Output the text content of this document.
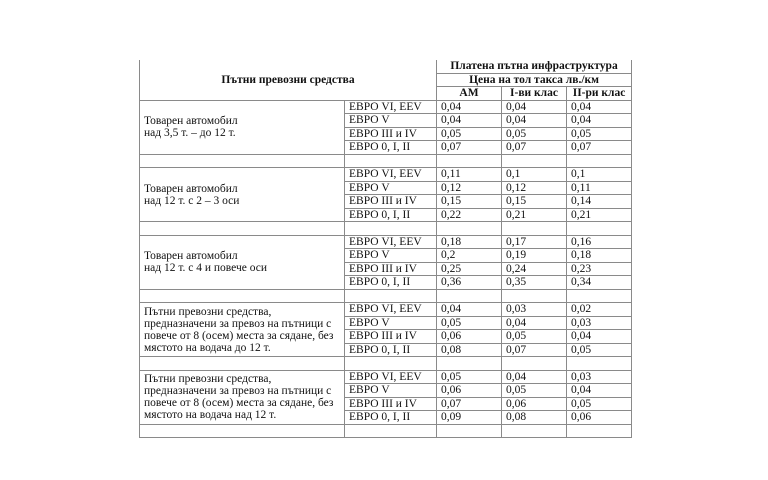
Пътни превозни средства		Платена пътна инфраструктура		
		Цена на тол такса лв./км		
		АМ	I-ви клас	II-ри клас

Товарен автомобил
над 3,5 т. – до 12 т.	ЕВРО VI, EEV	0,04	0,04	0,04
	ЕВРО V	0,04	0,04	0,04
	ЕВРО III и IV	0,05	0,05	0,05
	ЕВРО 0, I, II	0,07	0,07	0,07

Товарен автомобил
над 12 т. с 2 – 3 оси	ЕВРО VI, EEV	0,11	0,1	0,1
	ЕВРО V	0,12	0,12	0,11
	ЕВРО III и IV	0,15	0,15	0,14
	ЕВРО 0, I, II	0,22	0,21	0,21

Товарен автомобил
над 12 т. с 4 и повече оси	ЕВРО VI, EEV	0,18	0,17	0,16
	ЕВРО V	0,2	0,19	0,18
	ЕВРО III и IV	0,25	0,24	0,23
	ЕВРО 0, I, II	0,36	0,35	0,34

Пътни превозни средства,
предназначени за превоз на пътници с
повече от 8 (осем) места за сядане, без
мястото на водача до 12 т.	ЕВРО VI, EEV	0,04	0,03	0,02
	ЕВРО V	0,05	0,04	0,03
	ЕВРО III и IV	0,06	0,05	0,04
	ЕВРО 0, I, II	0,08	0,07	0,05

Пътни превозни средства,
предназначени за превоз на пътници с
повече от 8 (осем) места за сядане, без
мястото на водача над 12 т.	ЕВРО VI, EEV	0,05	0,04	0,03
	ЕВРО V	0,06	0,05	0,04
	ЕВРО III и IV	0,07	0,06	0,05
	ЕВРО 0, I, II	0,09	0,08	0,06
